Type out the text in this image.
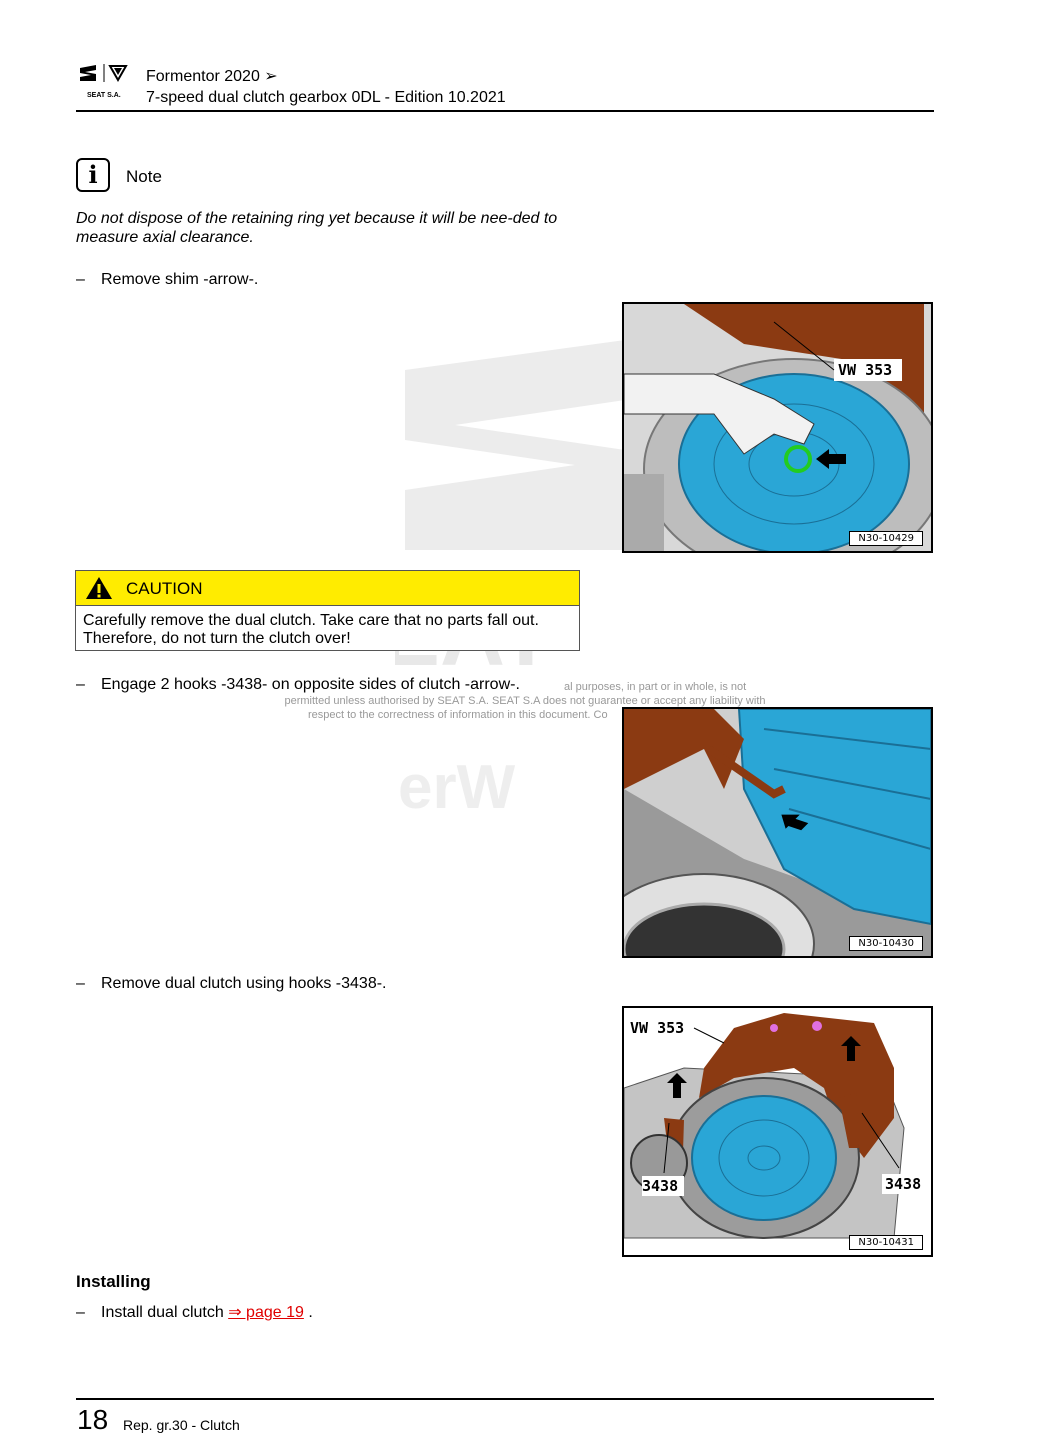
erW
SEAT S.A.
Formentor 2020 ➢
7-speed dual clutch gearbox 0DL - Edition 10.2021
i	Note
Do not dispose of the retaining ring yet because it will be nee-ded to measure axial clearance.
– Remove shim -arrow-.
VW 353
N30-10429
CAUTION
Carefully remove the dual clutch. Take care that no parts fall out. Therefore, do not turn the clutch over!
– Engage 2 hooks -3438- on opposite sides of clutch -arrow-.	al purposes, in part or in whole, is not
permitted unless authorised by SEAT S.A. SEAT S.A does not guarantee or accept any liability with
respect to the correctness of information in this document. Co
N30-10430
– Remove dual clutch using hooks -3438-.
VW 353
3438	3438
N30-10431
Installing
– Install dual clutch ⇒ page 19 .
18 Rep. gr.30 - Clutch
